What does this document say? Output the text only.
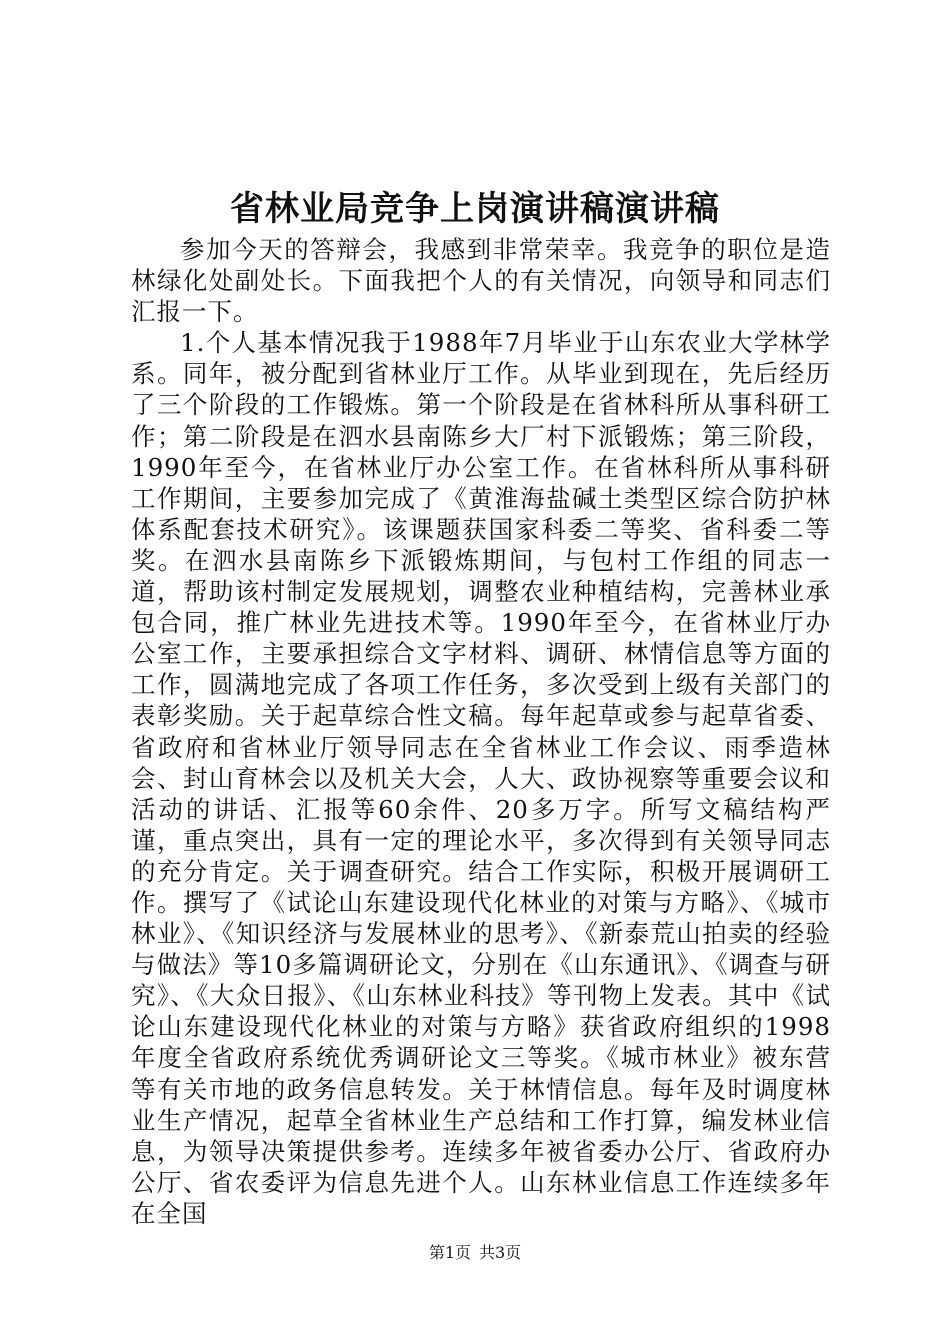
省林业局竞争上岗演讲稿演讲稿

参加今天的答辩会，我感到非常荣幸。我竞争的职位是造林绿化处副处长。下面我把个人的有关情况，向领导和同志们汇报一下。

1.个人基本情况我于1988年7月毕业于山东农业大学林学系。同年，被分配到省林业厅工作。从毕业到现在，先后经历了三个阶段的工作锻炼。第一个阶段是在省林科所从事科研工作；第二阶段是在泗水县南陈乡大厂村下派锻炼；第三阶段，1990年至今，在省林业厅办公室工作。在省林科所从事科研工作期间，主要参加完成了《黄淮海盐碱土类型区综合防护林体系配套技术研究》。该课题获国家科委二等奖、省科委二等奖。在泗水县南陈乡下派锻炼期间，与包村工作组的同志一道，帮助该村制定发展规划，调整农业种植结构，完善林业承包合同，推广林业先进技术等。1990年至今，在省林业厅办公室工作，主要承担综合文字材料、调研、林情信息等方面的工作，圆满地完成了各项工作任务，多次受到上级有关部门的表彰奖励。关于起草综合性文稿。每年起草或参与起草省委、省政府和省林业厅领导同志在全省林业工作会议、雨季造林会、封山育林会以及机关大会，人大、政协视察等重要会议和活动的讲话、汇报等60余件、20多万字。所写文稿结构严谨，重点突出，具有一定的理论水平，多次得到有关领导同志的充分肯定。关于调查研究。结合工作实际，积极开展调研工作。撰写了《试论山东建设现代化林业的对策与方略》、《城市林业》、《知识经济与发展林业的思考》、《新泰荒山拍卖的经验与做法》等10多篇调研论文，分别在《山东通讯》、《调查与研究》、《大众日报》、《山东林业科技》等刊物上发表。其中《试论山东建设现代化林业的对策与方略》获省政府组织的1998年度全省政府系统优秀调研论文三等奖。《城市林业》被东营等有关市地的政务信息转发。关于林情信息。每年及时调度林业生产情况，起草全省林业生产总结和工作打算，编发林业信息，为领导决策提供参考。连续多年被省委办公厅、省政府办公厅、省农委评为信息先进个人。山东林业信息工作连续多年在全国

第1页 共3页
